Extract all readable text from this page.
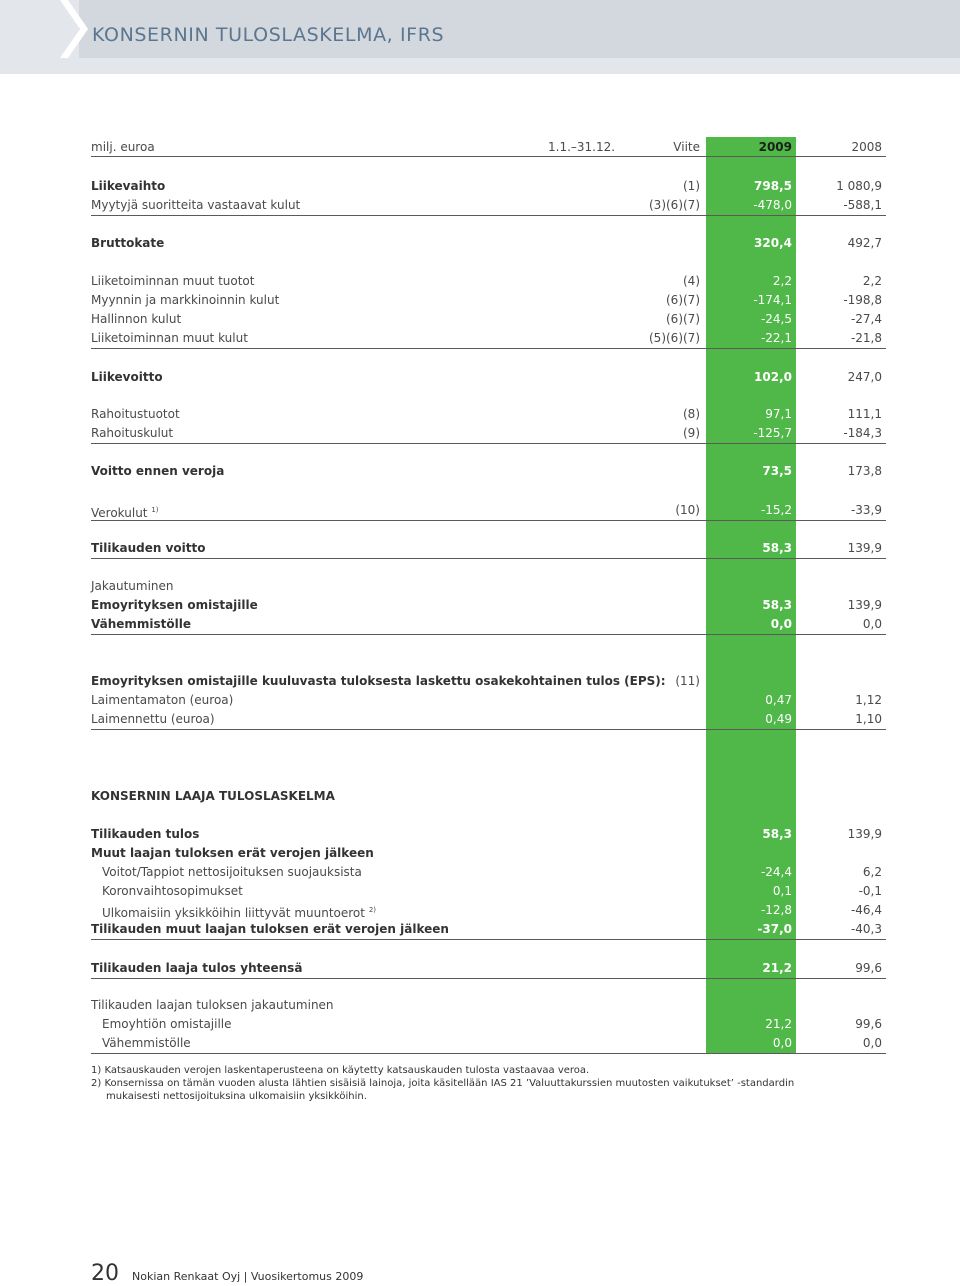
KONSERNIN TULOSLASKELMA, IFRS
milj. euroa	1.1.–31.12.	Viite	2009	2008
Liikevaihto	(1)	798,5	1 080,9
Myytyjä suoritteita vastaavat kulut	(3)(6)(7)	-478,0	-588,1
Bruttokate	320,4	492,7
Liiketoiminnan muut tuotot	(4)	2,2	2,2
Myynnin ja markkinoinnin kulut	(6)(7)	-174,1	-198,8
Hallinnon kulut	(6)(7)	-24,5	-27,4
Liiketoiminnan muut kulut	(5)(6)(7)	-22,1	-21,8
Liikevoitto	102,0	247,0
Rahoitustuotot	(8)	97,1	111,1
Rahoituskulut	(9)	-125,7	-184,3
Voitto ennen veroja	73,5	173,8
Verokulut $^{1)}$	(10)	-15,2	-33,9
Tilikauden voitto	58,3	139,9
Jakautuminen
Emoyrityksen omistajille	58,3	139,9
Vähemmistölle	0,0	0,0
Emoyrityksen omistajille kuuluvasta tuloksesta laskettu osakekohtainen tulos (EPS): (11)
Laimentamaton (euroa)	0,47	1,12
Laimennettu (euroa)	0,49	1,10
KONSERNIN LAAJA TULOSLASKELMA
Tilikauden tulos	58,3	139,9
Muut laajan tuloksen erät verojen jälkeen
Voitot/Tappiot nettosijoituksen suojauksista	-24,4	6,2
Koronvaihtosopimukset	0,1	-0,1
Ulkomaisiin yksikköihin liittyvät muuntoerot $^{2)}$	-12,8	-46,4
Tilikauden muut laajan tuloksen erät verojen jälkeen	-37,0	-40,3
Tilikauden laaja tulos yhteensä	21,2	99,6
Tilikauden laajan tuloksen jakautuminen
Emoyhtiön omistajille	21,2	99,6
Vähemmistölle	0,0	0,0
1) Katsauskauden verojen laskentaperusteena on käytetty katsauskauden tulosta vastaavaa veroa.
2) Konsernissa on tämän vuoden alusta lähtien sisäisiä lainoja, joita käsitellään IAS 21 ’Valuuttakurssien muutosten vaikutukset’ -standardin
mukaisesti nettosijoituksina ulkomaisiin yksikköihin.
20 Nokian Renkaat Oyj | Vuosikertomus 2009
